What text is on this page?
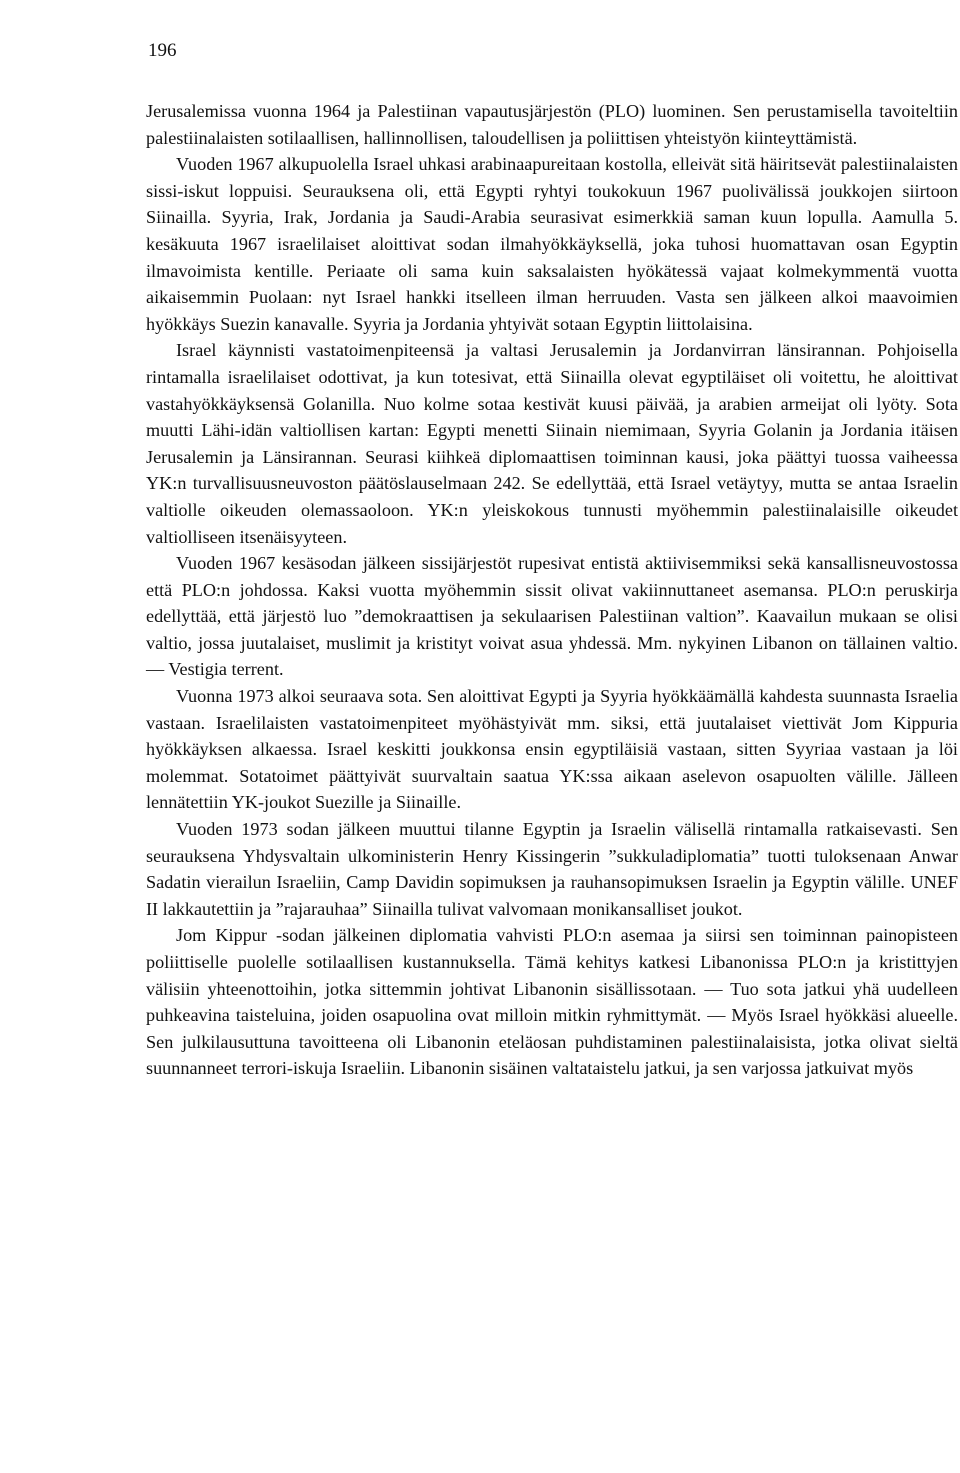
196

Jerusalemissa vuonna 1964 ja Palestiinan vapautusjärjestön (PLO) luominen. Sen perustamisella tavoiteltiin palestiinalaisten sotilaallisen, hallinnollisen, taloudellisen ja poliittisen yhteistyön kiinteyttämistä.

Vuoden 1967 alkupuolella Israel uhkasi arabinaapureitaan kostolla, elleivät sitä häiritsevät palestiinalaisten sissi-iskut loppuisi. Seurauksena oli, että Egypti ryhtyi toukokuun 1967 puolivälissä joukkojen siirtoon Siinailla. Syyria, Irak, Jordania ja Saudi-Arabia seurasivat esimerkkiä saman kuun lopulla. Aamulla 5. kesäkuuta 1967 israelilaiset aloittivat sodan ilmahyökkäyksellä, joka tuhosi huomattavan osan Egyptin ilmavoimista kentille. Periaate oli sama kuin saksalaisten hyökätessä vajaat kolmekymmentä vuotta aikaisemmin Puolaan: nyt Israel hankki itselleen ilman herruuden. Vasta sen jälkeen alkoi maavoimien hyökkäys Suezin kanavalle. Syyria ja Jordania yhtyivät sotaan Egyptin liittolaisina.

Israel käynnisti vastatoimenpiteensä ja valtasi Jerusalemin ja Jordanvirran länsirannan. Pohjoisella rintamalla israelilaiset odottivat, ja kun totesivat, että Siinailla olevat egyptiläiset oli voitettu, he aloittivat vastahyökkäyksensä Golanilla. Nuo kolme sotaa kestivät kuusi päivää, ja arabien armeijat oli lyöty. Sota muutti Lähi-idän valtiollisen kartan: Egypti menetti Siinain niemimaan, Syyria Golanin ja Jordania itäisen Jerusalemin ja Länsirannan. Seurasi kiihkeä diplomaattisen toiminnan kausi, joka päättyi tuossa vaiheessa YK:n turvallisuusneuvoston päätöslauselmaan 242. Se edellyttää, että Israel vetäytyy, mutta se antaa Israelin valtiolle oikeuden olemassaoloon. YK:n yleiskokous tunnusti myöhemmin palestiinalaisille oikeudet valtiolliseen itsenäisyyteen.

Vuoden 1967 kesäsodan jälkeen sissijärjestöt rupesivat entistä aktiivisemmiksi sekä kansallisneuvostossa että PLO:n johdossa. Kaksi vuotta myöhemmin sissit olivat vakiinnuttaneet asemansa. PLO:n peruskirja edellyttää, että järjestö luo ”demokraattisen ja sekulaarisen Palestiinan valtion”. Kaavailun mukaan se olisi valtio, jossa juutalaiset, muslimit ja kristityt voivat asua yhdessä. Mm. nykyinen Libanon on tällainen valtio. — Vestigia terrent.

Vuonna 1973 alkoi seuraava sota. Sen aloittivat Egypti ja Syyria hyökkäämällä kahdesta suunnasta Israelia vastaan. Israelilaisten vastatoimenpiteet myöhästyivät mm. siksi, että juutalaiset viettivät Jom Kippuria hyökkäyksen alkaessa. Israel keskitti joukkonsa ensin egyptiläisiä vastaan, sitten Syyriaa vastaan ja löi molemmat. Sotatoimet päättyivät suurvaltain saatua YK:ssa aikaan aselevon osapuolten välille. Jälleen lennätettiin YK-joukot Suezille ja Siinaille.

Vuoden 1973 sodan jälkeen muuttui tilanne Egyptin ja Israelin välisellä rintamalla ratkaisevasti. Sen seurauksena Yhdysvaltain ulkoministerin Henry Kissingerin ”sukkuladiplomatia” tuotti tuloksenaan Anwar Sadatin vierailun Israeliin, Camp Davidin sopimuksen ja rauhansopimuksen Israelin ja Egyptin välille. UNEF II lakkautettiin ja ”rajarauhaa” Siinailla tulivat valvomaan monikansalliset joukot.

Jom Kippur -sodan jälkeinen diplomatia vahvisti PLO:n asemaa ja siirsi sen toiminnan painopisteen poliittiselle puolelle sotilaallisen kustannuksella. Tämä kehitys katkesi Libanonissa PLO:n ja kristittyjen välisiin yhteenottoihin, jotka sittemmin johtivat Libanonin sisällissotaan. — Tuo sota jatkui yhä uudelleen puhkeavina taisteluina, joiden osapuolina ovat milloin mitkin ryhmittymät. — Myös Israel hyökkäsi alueelle. Sen julkilausuttuna tavoitteena oli Libanonin eteläosan puhdistaminen palestiinalaisista, jotka olivat sieltä suunnanneet terrori-iskuja Israeliin. Libanonin sisäinen valtataistelu jatkui, ja sen varjossa jatkuivat myös
